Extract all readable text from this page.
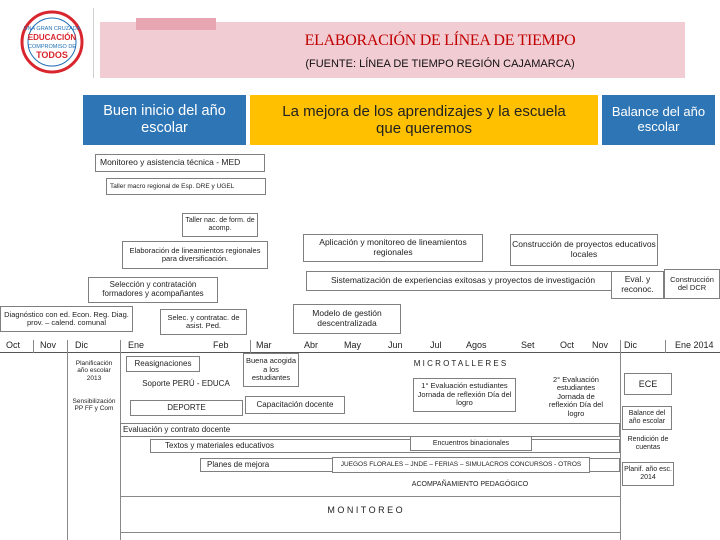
UNA GRAN CRUZADA
EDUCACIÓN
COMPROMISO DE
TODOS
ELABORACIÓN DE LÍNEA DE TIEMPO
(FUENTE: LÍNEA DE TIEMPO REGIÓN CAJAMARCA)
Buen inicio del año escolar
La mejora de los aprendizajes y la escuela que queremos
Balance del año escolar
Monitoreo y asistencia técnica - MED
Taller macro regional de Esp. DRE y UGEL
Taller nac. de form. de acomp.
Elaboración de lineamientos regionales para diversificación.
Aplicación y monitoreo de lineamientos regionales
Construcción de proyectos educativos locales
Selección y contratación formadores y acompañantes
Sistematización de experiencias exitosas y proyectos de investigación	Eval. y reconoc.
Construcción del DCR
Diagnóstico con ed. Econ. Reg. Diag. prov. – calend. comunal
Selec. y contratac. de asist. Ped.
Modelo de gestión descentralizada
Oct Nov Dic	Ene	Feb	Mar	Abr	May	Jun	Jul	Agos	Set	Oct Nov Dic	Ene 2014
Planificación año escolar 2013
Sensibilización PP FF y Com
Reasignaciones	Buena acogida a los estudiantes
Soporte PERÚ - EDUCA
DEPORTE	Capacitación docente
M I C R O T A L L E R E S
1° Evaluación estudiantes Jornada de reflexión Día del logro
2° Evaluación estudiantes Jornada de reflexión Día del logro
ECE
Balance del año escolar
Rendición de cuentas
Planif. año esc. 2014
Evaluación y contrato docente
Textos y materiales educativos	Encuentros binacionales
Planes de mejora	JUEGOS FLORALES – JNDE – FERIAS – SIMULACROS CONCURSOS - OTROS
ACOMPAÑAMIENTO PEDAGÓGICO
M O N I T O R E O
